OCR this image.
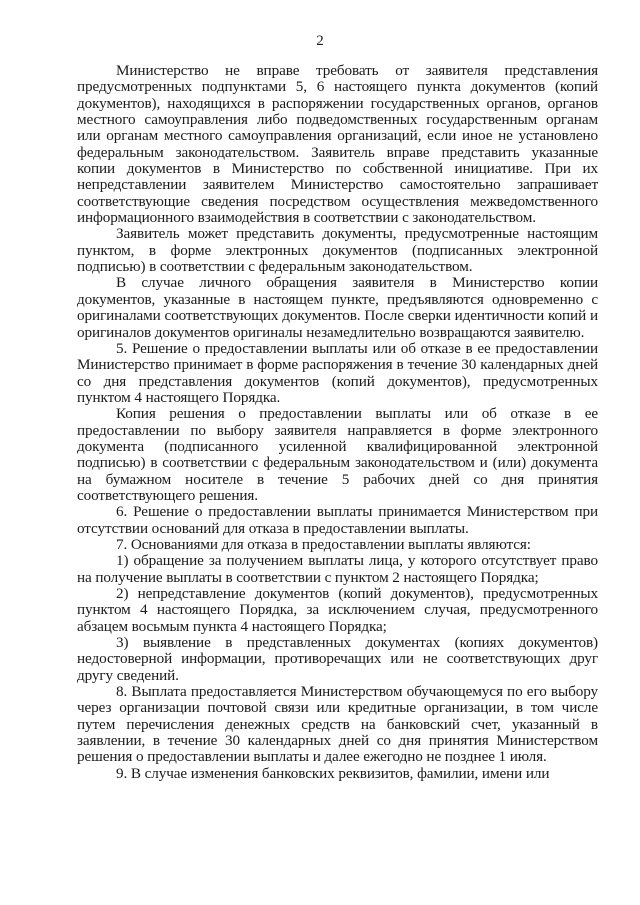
2

Министерство не вправе требовать от заявителя представления предусмотренных подпунктами 5, 6 настоящего пункта документов (копий документов), находящихся в распоряжении государственных органов, органов местного самоуправления либо подведомственных государственным органам или органам местного самоуправления организаций, если иное не установлено федеральным законодательством. Заявитель вправе представить указанные копии документов в Министерство по собственной инициативе. При их непредставлении заявителем Министерство самостоятельно запрашивает соответствующие сведения посредством осуществления межведомственного информационного взаимодействия в соответствии с законодательством.

Заявитель может представить документы, предусмотренные настоящим пунктом, в форме электронных документов (подписанных электронной подписью) в соответствии с федеральным законодательством.

В случае личного обращения заявителя в Министерство копии документов, указанные в настоящем пункте, предъявляются одновременно с оригиналами соответствующих документов. После сверки идентичности копий и оригиналов документов оригиналы незамедлительно возвращаются заявителю.

5. Решение о предоставлении выплаты или об отказе в ее предоставлении Министерство принимает в форме распоряжения в течение 30 календарных дней со дня представления документов (копий документов), предусмотренных пунктом 4 настоящего Порядка.

Копия решения о предоставлении выплаты или об отказе в ее предоставлении по выбору заявителя направляется в форме электронного документа (подписанного усиленной квалифицированной электронной подписью) в соответствии с федеральным законодательством и (или) документа на бумажном носителе в течение 5 рабочих дней со дня принятия соответствующего решения.

6. Решение о предоставлении выплаты принимается Министерством при отсутствии оснований для отказа в предоставлении выплаты.

7. Основаниями для отказа в предоставлении выплаты являются:

1) обращение за получением выплаты лица, у которого отсутствует право на получение выплаты в соответствии с пунктом 2 настоящего Порядка;

2) непредставление документов (копий документов), предусмотренных пунктом 4 настоящего Порядка, за исключением случая, предусмотренного абзацем восьмым пункта 4 настоящего Порядка;

3) выявление в представленных документах (копиях документов) недостоверной информации, противоречащих или не соответствующих друг другу сведений.

8. Выплата предоставляется Министерством обучающемуся по его выбору через организации почтовой связи или кредитные организации, в том числе путем перечисления денежных средств на банковский счет, указанный в заявлении, в течение 30 календарных дней со дня принятия Министерством решения о предоставлении выплаты и далее ежегодно не позднее 1 июля.

9. В случае изменения банковских реквизитов, фамилии, имени или
